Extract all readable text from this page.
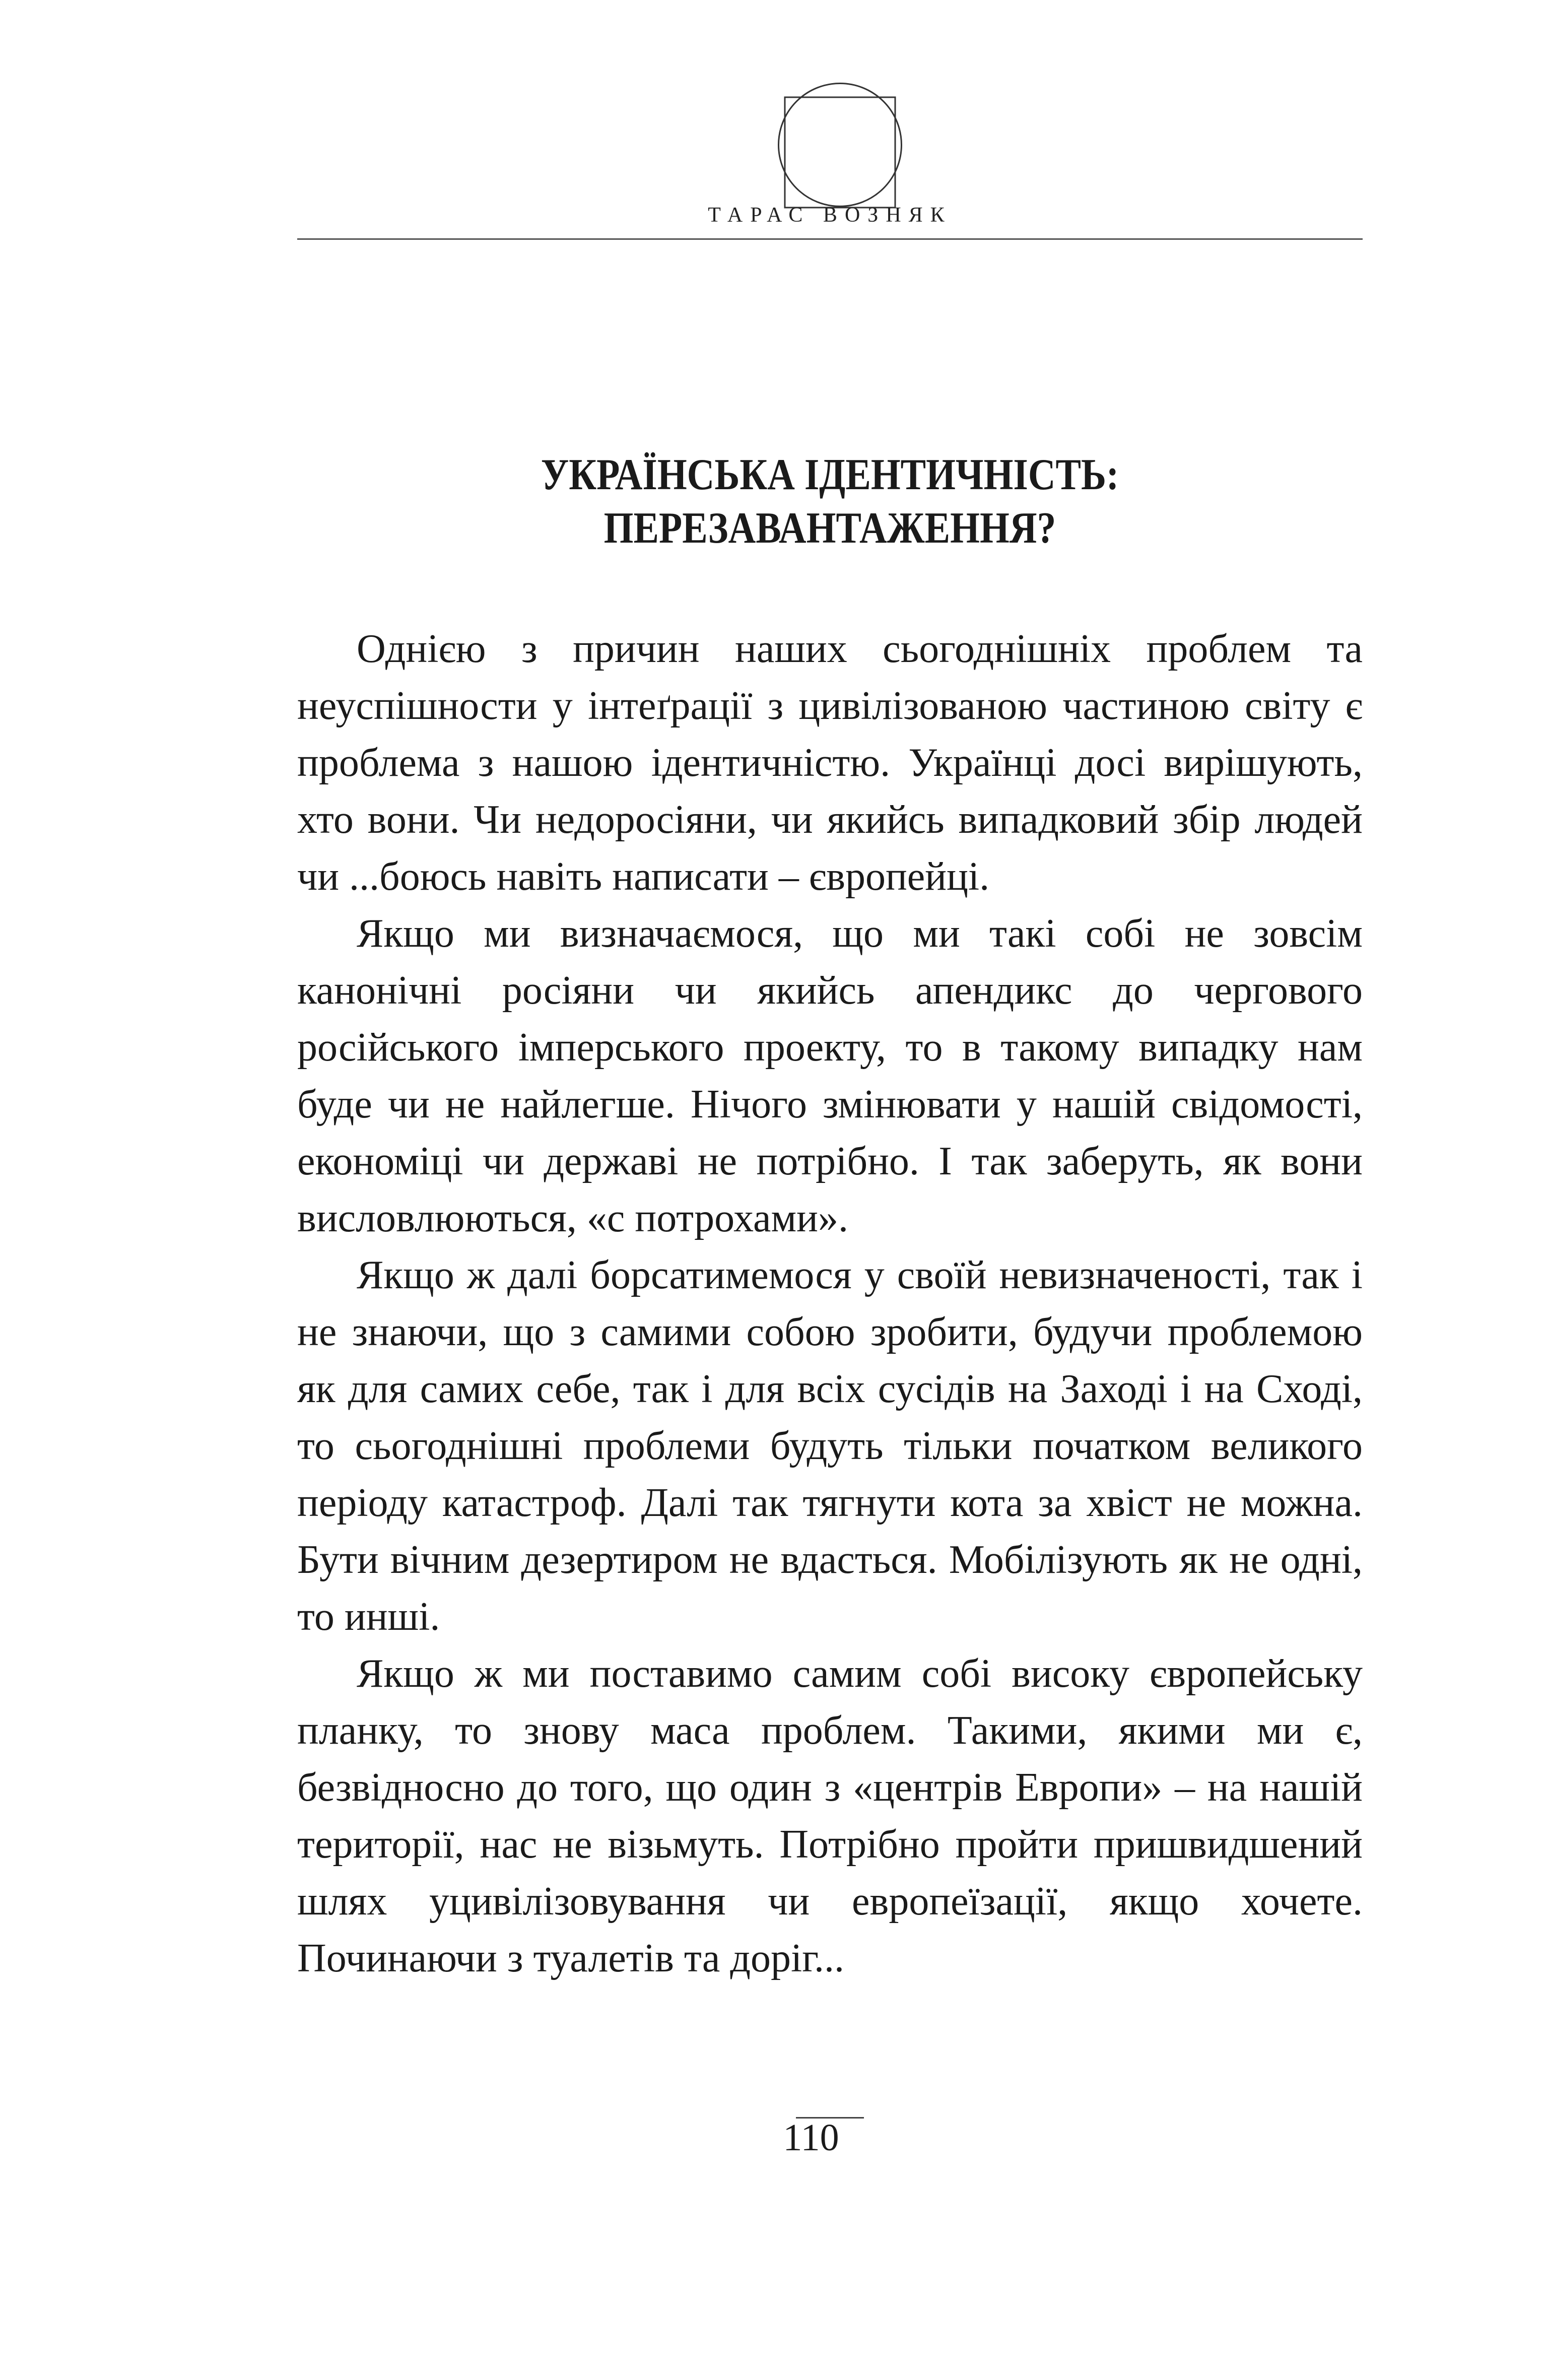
ТАРАС ВОЗНЯК
УКРАЇНСЬКА ІДЕНТИЧНІСТЬ:
ПЕРЕЗАВАНТАЖЕННЯ?

Однією з причин наших сьогоднішніх проблем та неуспішности у інтеґрації з цивілізованою частиною світу є проблема з нашою ідентичністю. Українці досі вирішують, хто вони. Чи недоросіяни, чи якийсь випадковий збір людей чи ...боюсь навіть написати – європейці.

Якщо ми визначаємося, що ми такі собі не зовсім канонічні росіяни чи якийсь апендикс до чергового російського імперського проекту, то в такому випадку нам буде чи не найлегше. Нічого змінювати у нашій свідомості, економіці чи державі не потрібно. І так заберуть, як вони висловлюються, «с потрохами».

Якщо ж далі борсатимемося у своїй невизначеності, так і не знаючи, що з самими собою зробити, будучи проблемою як для самих себе, так і для всіх сусідів на Заході і на Сході, то сьогоднішні проблеми будуть тільки початком великого періоду катастроф. Далі так тягнути кота за хвіст не можна. Бути вічним дезертиром не вдасться. Мобілізують як не одні, то инші.

Якщо ж ми поставимо самим собі високу європейську планку, то знову маса проблем. Такими, якими ми є, безвідносно до того, що один з «центрів Европи» – на нашій території, нас не візьмуть. Потрібно пройти пришвидшений шлях уцивілізовування чи европеїзації, якщо хочете. Починаючи з туалетів та доріг...

110
